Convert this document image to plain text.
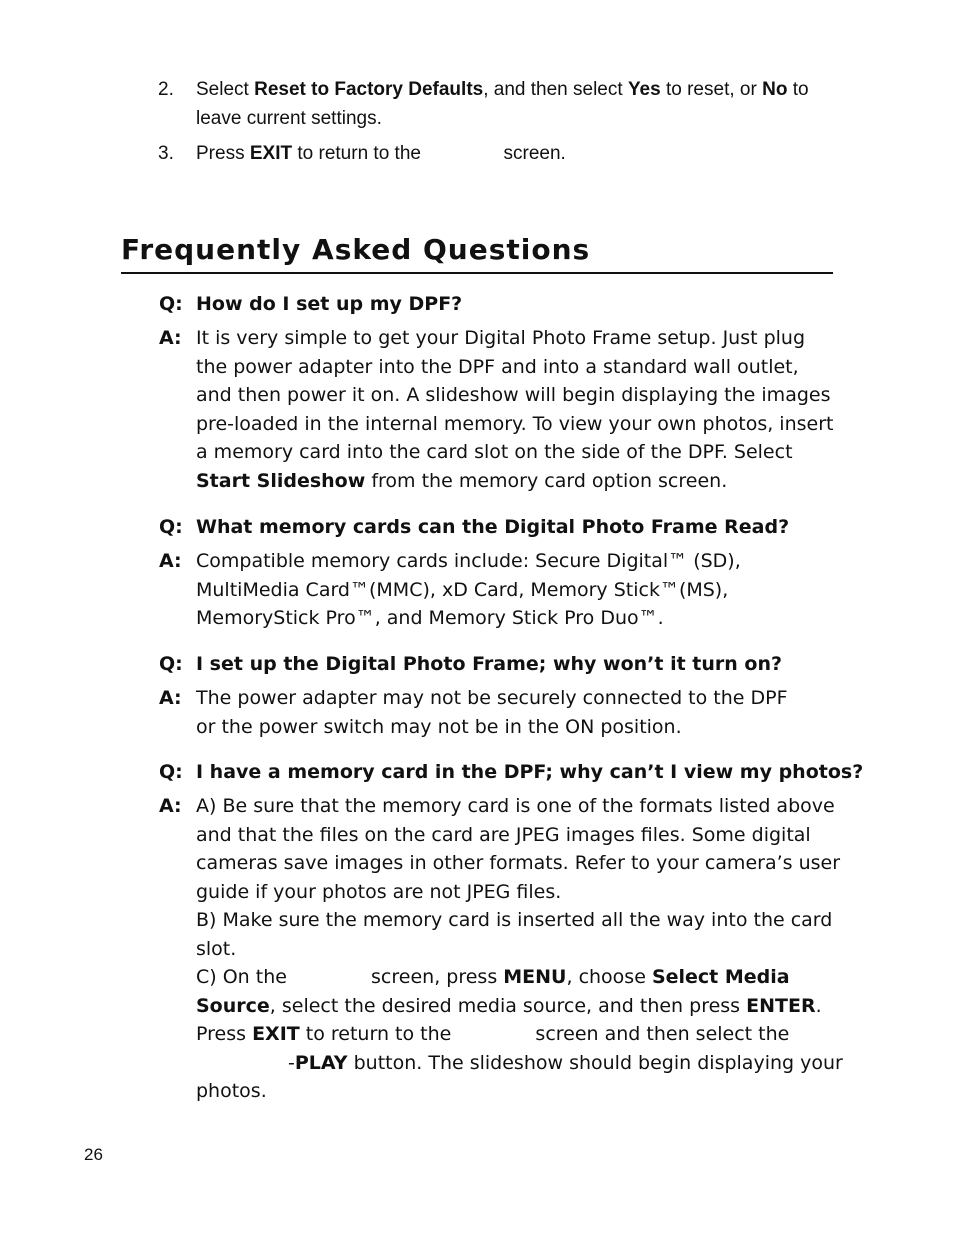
2.	Select Reset to Factory Defaults, and then select Yes to reset, or No to leave current settings.
3.	Press EXIT to return to the	screen.
Frequently Asked Questions
Q: How do I set up my DPF?
A: It is very simple to get your Digital Photo Frame setup. Just plug the power adapter into the DPF and into a standard wall outlet, and then power it on. A slideshow will begin displaying the images pre-loaded in the internal memory. To view your own photos, insert a memory card into the card slot on the side of the DPF. Select Start Slideshow from the memory card option screen.
Q: What memory cards can the Digital Photo Frame Read?
A: Compatible memory cards include: Secure Digital™ (SD), MultiMedia Card™(MMC), xD Card, Memory Stick™(MS), MemoryStick Pro™, and Memory Stick Pro Duo™.
Q: I set up the Digital Photo Frame; why won’t it turn on?
A: The power adapter may not be securely connected to the DPF or the power switch may not be in the ON position.
Q: I have a memory card in the DPF; why can’t I view my photos?
A: A) Be sure that the memory card is one of the formats listed above and that the files on the card are JPEG images files. Some digital cameras save images in other formats. Refer to your camera’s user guide if your photos are not JPEG files.
B) Make sure the memory card is inserted all the way into the card slot.
C) On the	screen, press MENU, choose Select Media Source, select the desired media source, and then press ENTER. Press EXIT to return to the	screen and then select the -PLAY button. The slideshow should begin displaying your photos.
26
